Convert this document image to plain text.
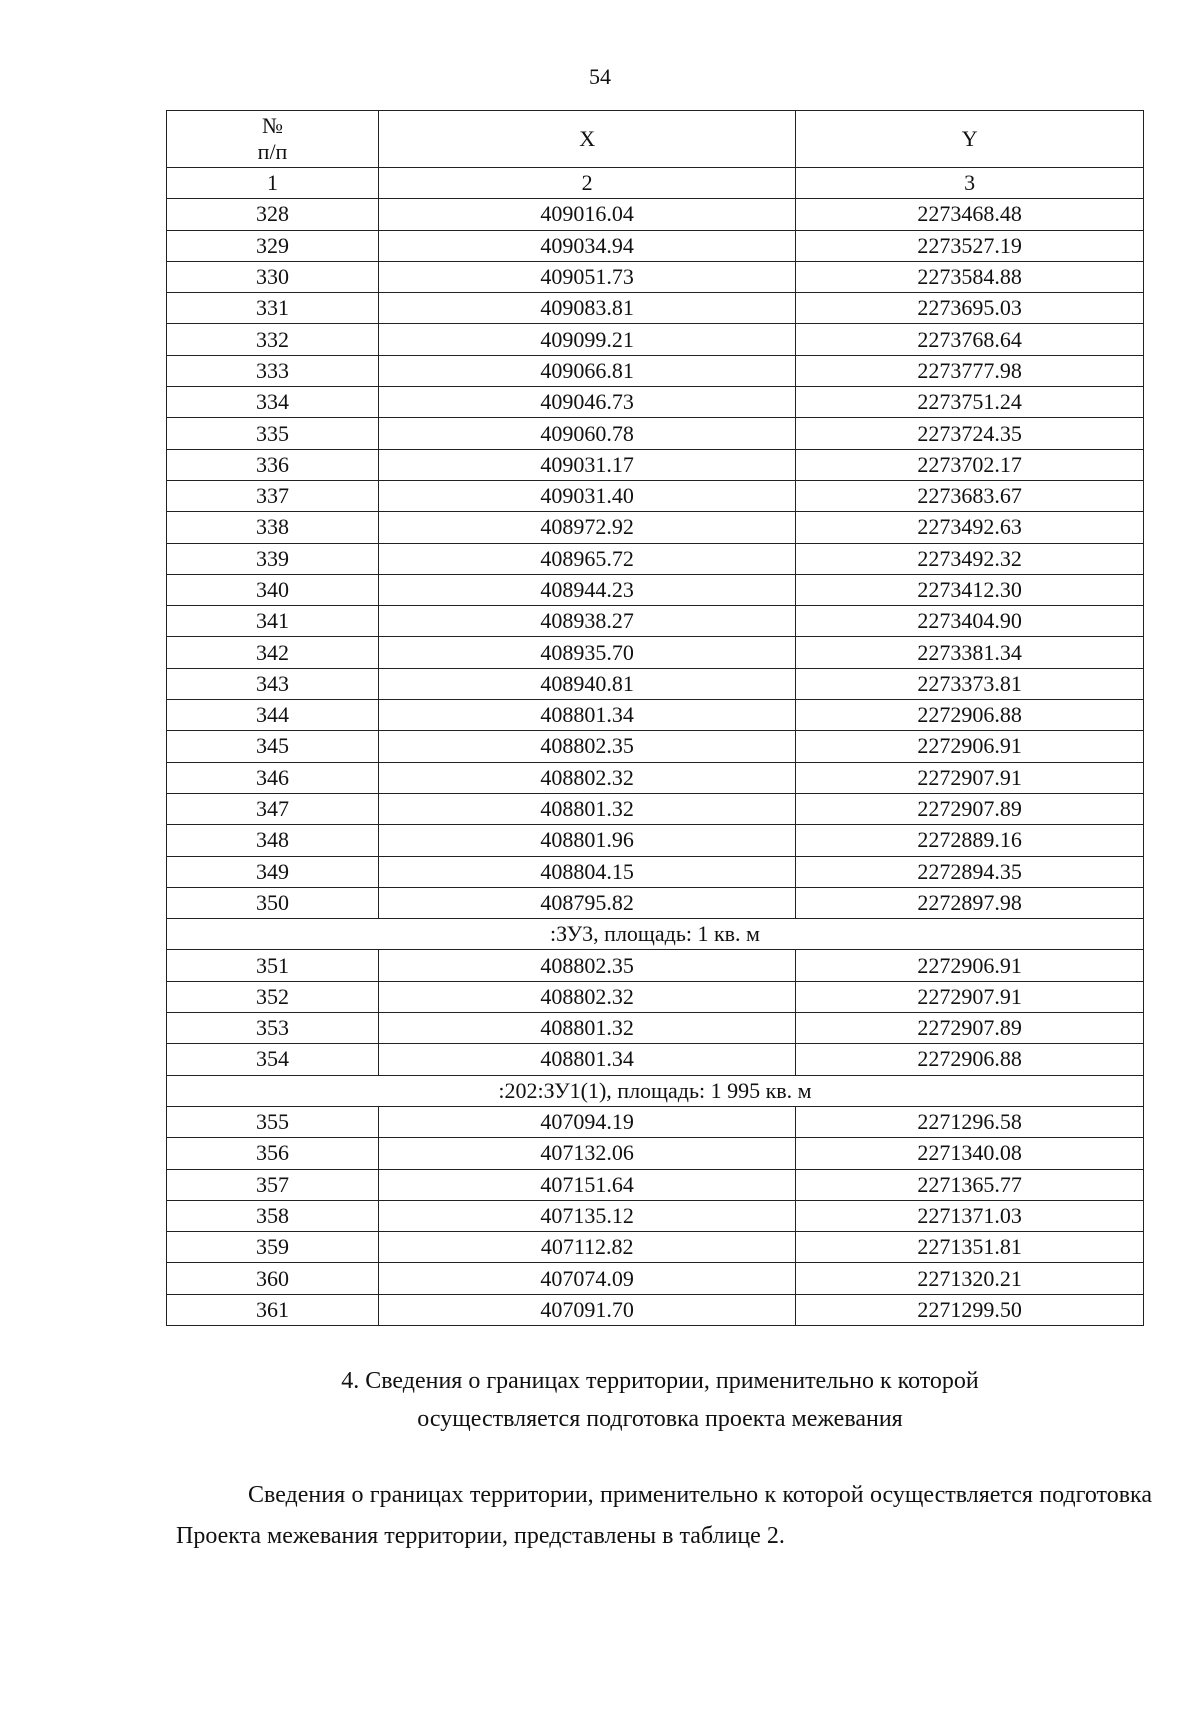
54
№
п/п	X	Y
1	2	3
328	409016.04	2273468.48
329	409034.94	2273527.19
330	409051.73	2273584.88
331	409083.81	2273695.03
332	409099.21	2273768.64
333	409066.81	2273777.98
334	409046.73	2273751.24
335	409060.78	2273724.35
336	409031.17	2273702.17
337	409031.40	2273683.67
338	408972.92	2273492.63
339	408965.72	2273492.32
340	408944.23	2273412.30
341	408938.27	2273404.90
342	408935.70	2273381.34
343	408940.81	2273373.81
344	408801.34	2272906.88
345	408802.35	2272906.91
346	408802.32	2272907.91
347	408801.32	2272907.89
348	408801.96	2272889.16
349	408804.15	2272894.35
350	408795.82	2272897.98
:ЗУ3, площадь: 1 кв. м		
351	408802.35	2272906.91
352	408802.32	2272907.91
353	408801.32	2272907.89
354	408801.34	2272906.88
:202:ЗУ1(1), площадь: 1 995 кв. м		
355	407094.19	2271296.58
356	407132.06	2271340.08
357	407151.64	2271365.77
358	407135.12	2271371.03
359	407112.82	2271351.81
360	407074.09	2271320.21
361	407091.70	2271299.50
4. Сведения о границах территории, применительно к которой
осуществляется подготовка проекта межевания

Сведения о границах территории, применительно к которой осуществляется подготовка Проекта межевания территории, представлены в таблице 2.
